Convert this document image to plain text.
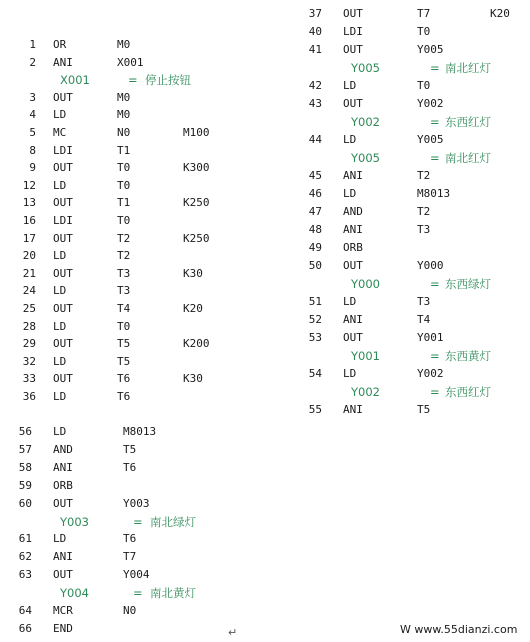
1 OR	M0
2 ANI	X001
X001	= 停止按钮
3 OUT	M0
4 LD	M0
5 MC	N0	M100
8 LDI	T1
9 OUT	T0	K300
12 LD	T0
13 OUT	T1	K250
16 LDI	T0
17 OUT	T2	K250
20 LD	T2
21 OUT	T3	K30
24 LD	T3
25 OUT	T4	K20
28 LD	T0
29 OUT	T5	K200
32 LD	T5
33 OUT	T6	K30
36 LD	T6
56 LD	M8013
57 AND	T5
58 ANI	T6
59 ORB
60 OUT	Y003
Y003	= 南北绿灯
61 LD	T6
62 ANI	T7
63 OUT	Y004
Y004	= 南北黄灯
64 MCR	N0
66 END
37 OUT	T7	K20
40 LDI	T0
41 OUT	Y005
Y005	= 南北红灯
42 LD	T0
43 OUT	Y002
Y002	= 东西红灯
44 LD	Y005
Y005	= 南北红灯
45 ANI	T2
46 LD	M8013
47 AND	T2
48 ANI	T3
49 ORB
50 OUT	Y000
Y000	= 东西绿灯
51 LD	T3
52 ANI	T4
53 OUT	Y001
Y001	= 东西黄灯
54 LD	Y002
Y002	= 东西红灯
55 ANI	T5
↵	W www.55dianzi.com
